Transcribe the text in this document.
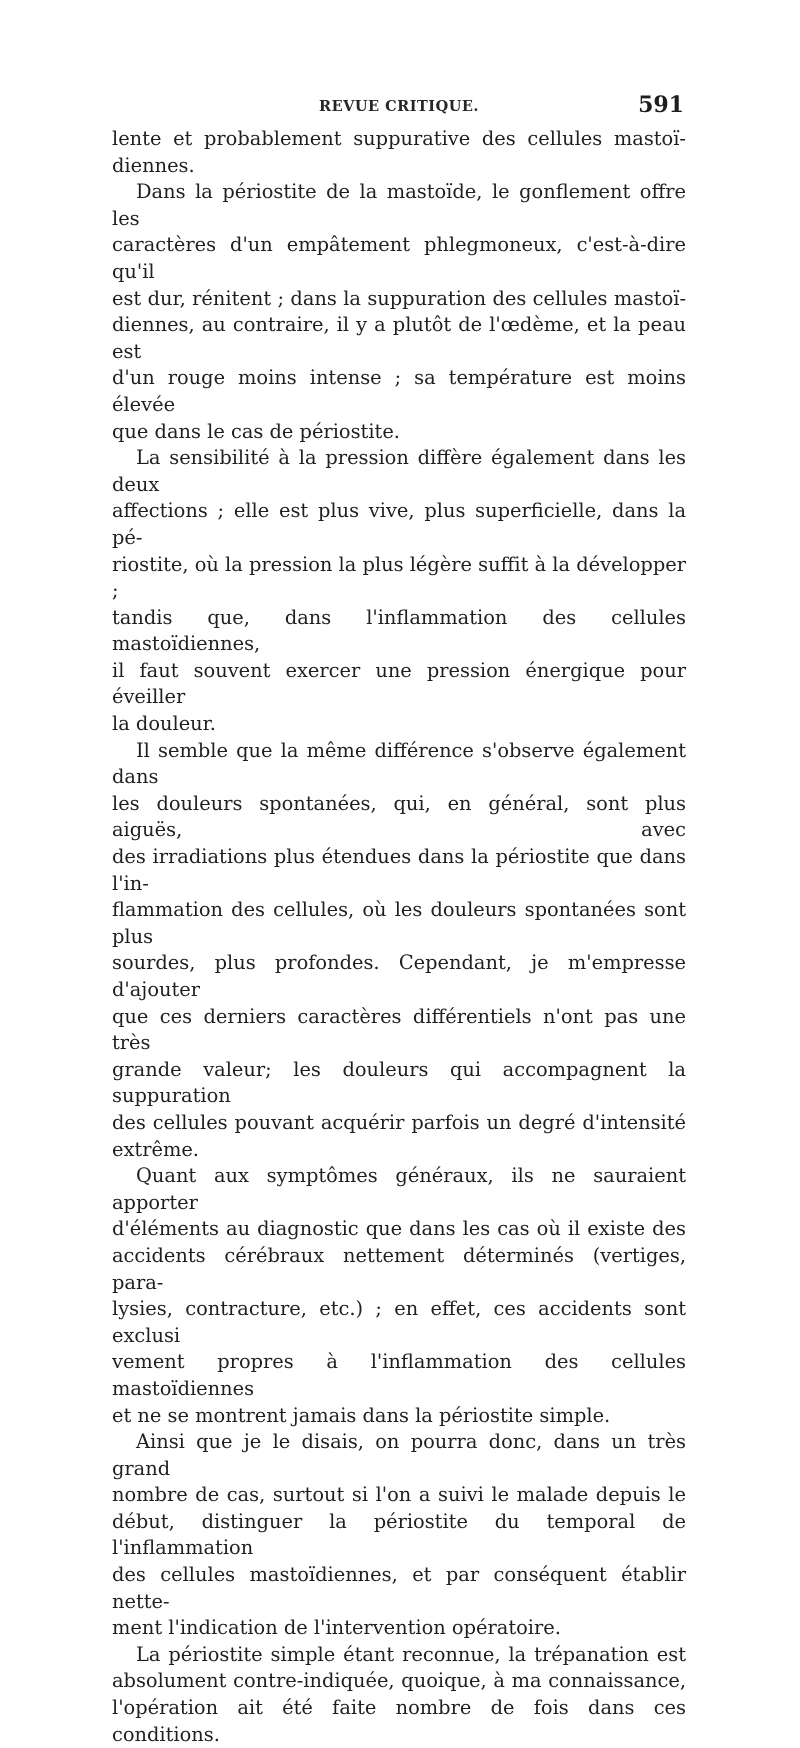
REVUE CRITIQUE.	591

lente et probablement suppurative des cellules mastoï-

diennes.

Dans la périostite de la mastoïde, le gonflement offre les

caractères d'un empâtement phlegmoneux, c'est-à-dire qu'il

est dur, rénitent ; dans la suppuration des cellules mastoï-

diennes, au contraire, il y a plutôt de l'œdème, et la peau est

d'un rouge moins intense ; sa température est moins élevée

que dans le cas de périostite.

La sensibilité à la pression diffère également dans les deux

affections ; elle est plus vive, plus superficielle, dans la pé-

riostite, où la pression la plus légère suffit à la développer ;

tandis que, dans l'inflammation des cellules mastoïdiennes,

il faut souvent exercer une pression énergique pour éveiller

la douleur.

Il semble que la même différence s'observe également dans

les douleurs spontanées, qui, en général, sont plus aiguës, avec

des irradiations plus étendues dans la périostite que dans l'in-

flammation des cellules, où les douleurs spontanées sont plus

sourdes, plus profondes. Cependant, je m'empresse d'ajouter

que ces derniers caractères différentiels n'ont pas une très

grande valeur; les douleurs qui accompagnent la suppuration

des cellules pouvant acquérir parfois un degré d'intensité

extrême.

Quant aux symptômes généraux, ils ne sauraient apporter

d'éléments au diagnostic que dans les cas où il existe des

accidents cérébraux nettement déterminés (vertiges, para-

lysies, contracture, etc.) ; en effet, ces accidents sont exclusi

vement propres à l'inflammation des cellules mastoïdiennes

et ne se montrent jamais dans la périostite simple.

Ainsi que je le disais, on pourra donc, dans un très grand

nombre de cas, surtout si l'on a suivi le malade depuis le

début, distinguer la périostite du temporal de l'inflammation

des cellules mastoïdiennes, et par conséquent établir nette-

ment l'indication de l'intervention opératoire.

La périostite simple étant reconnue, la trépanation est

absolument contre-indiquée, quoique, à ma connaissance,

l'opération ait été faite nombre de fois dans ces conditions.
